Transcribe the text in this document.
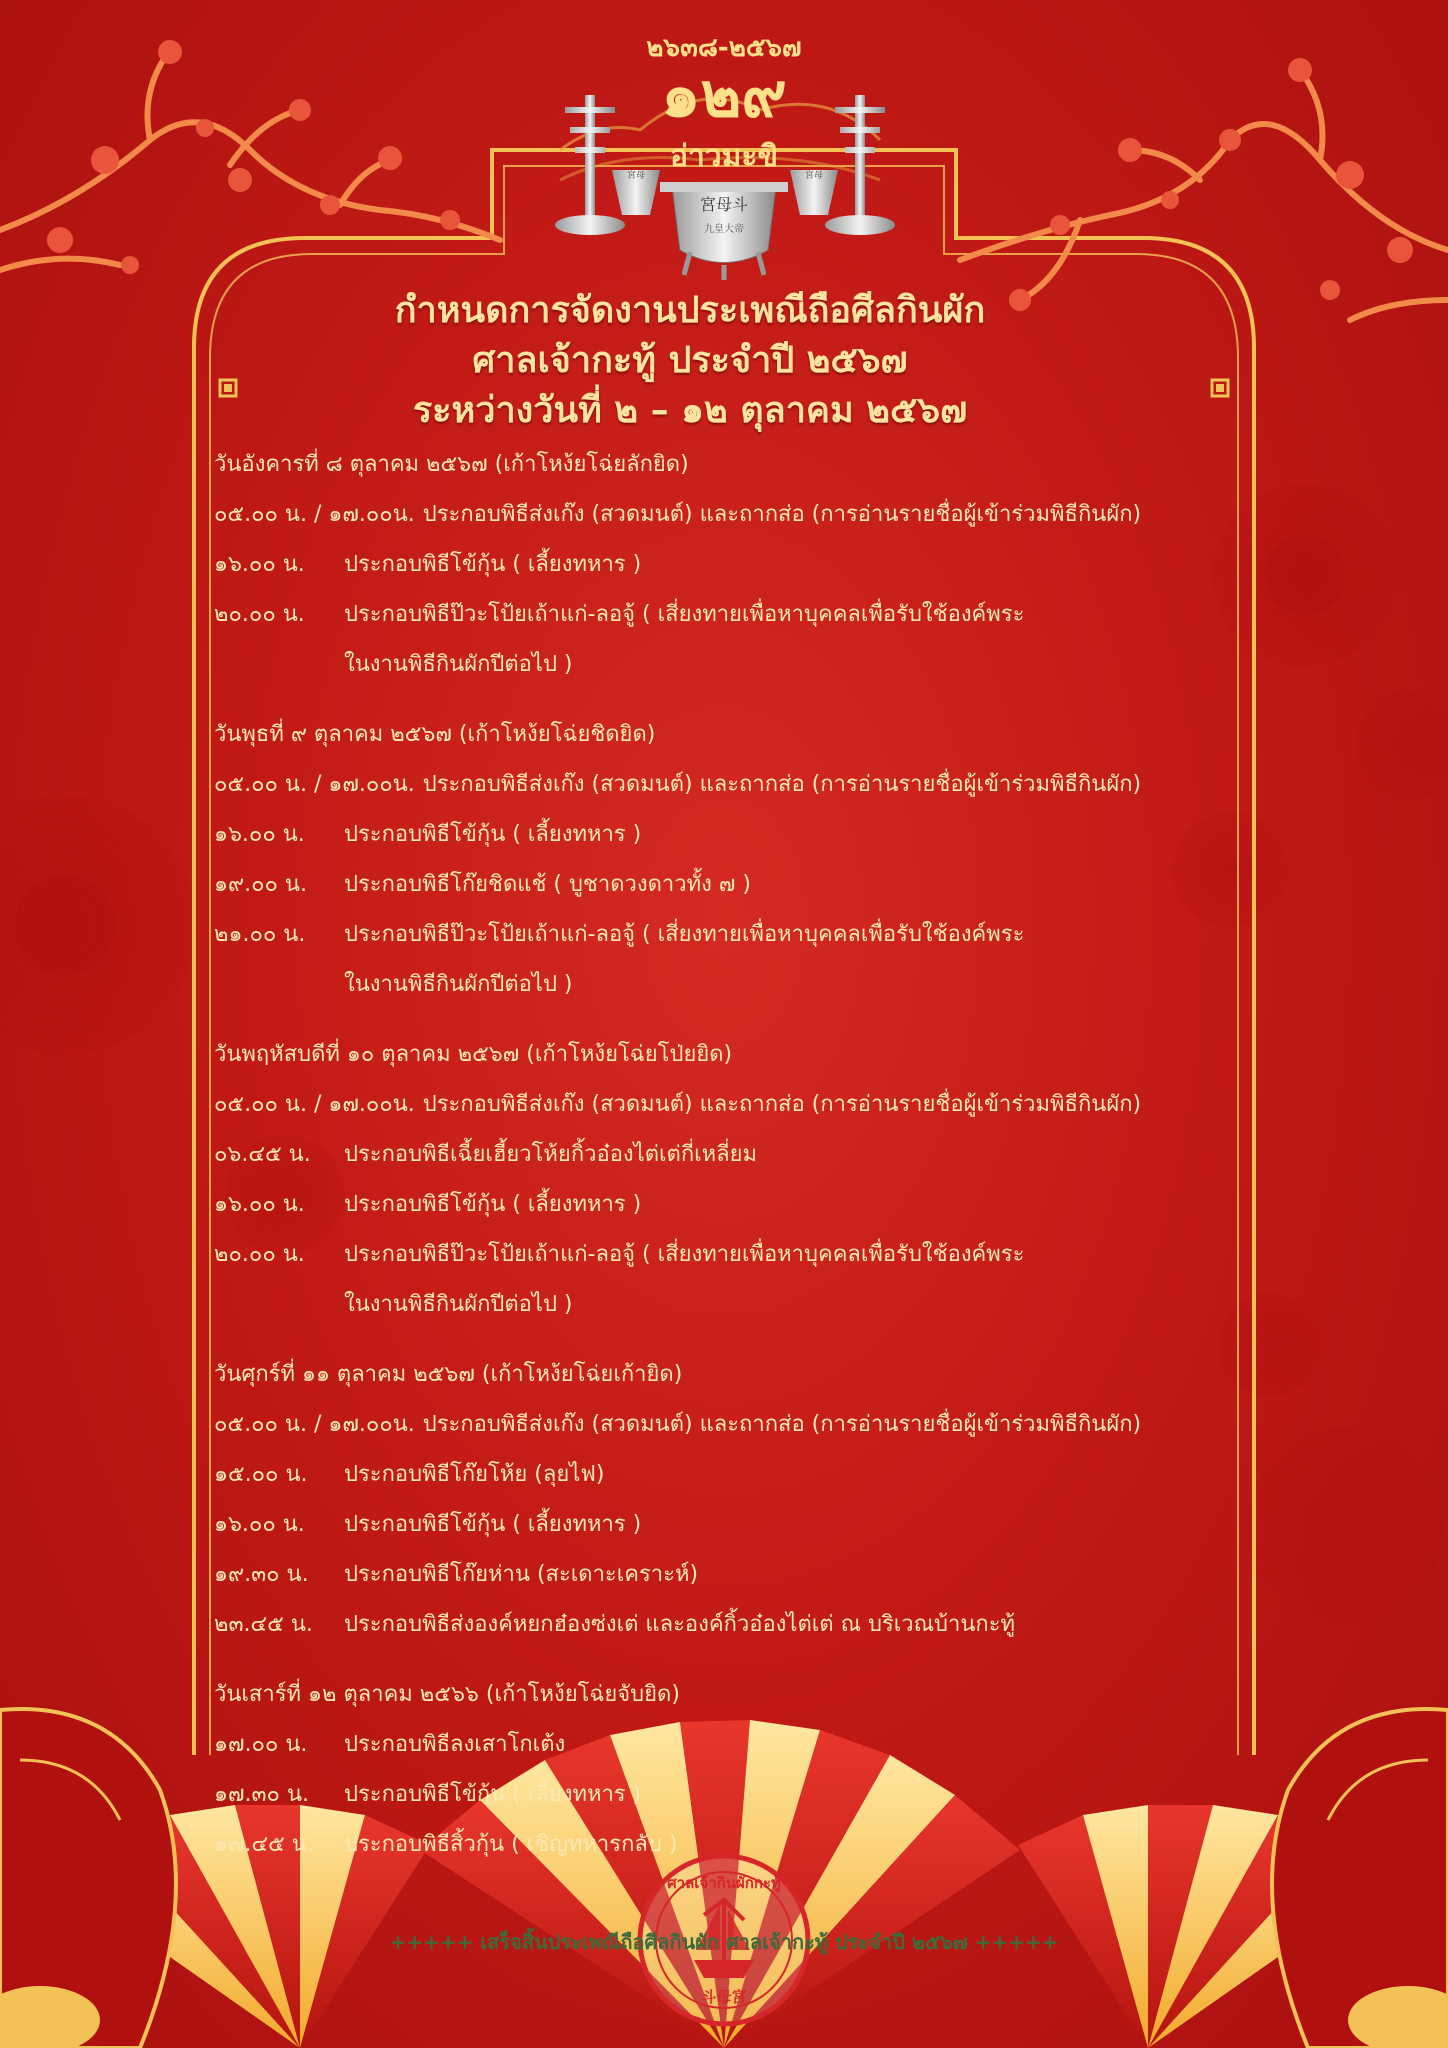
宮母斗
九皇大帝
宮母	宮母
๒๖๓๘-๒๕๖๗
๑๒๙
อ่าวมะขิ
ศาลเจ้ากินผักกะทู้
斗母宮
กำหนดการจัดงานประเพณีถือศีลกินผัก
ศาลเจ้ากะทู้ ประจำปี ๒๕๖๗
ระหว่างวันที่ ๒ – ๑๒ ตุลาคม ๒๕๖๗
วันอังคารที่ ๘ ตุลาคม ๒๕๖๗ (เก้าโหง้ยโฉ่ยลักยิด)
๐๕.๐๐ น. / ๑๗.๐๐น. ประกอบพิธีส่งเก๊ง (สวดมนต์) และถากส่อ (การอ่านรายชื่อผู้เข้าร่วมพิธีกินผัก)
๑๖.๐๐ น.	ประกอบพิธีโข้กุ้น ( เลี้ยงทหาร )
๒๐.๐๐ น.	ประกอบพิธีป๊วะโป้ยเถ้าแก่-ลอจู้ ( เสี่ยงทายเพื่อหาบุคคลเพื่อรับใช้องค์พระ
ในงานพิธีกินผักปีต่อไป )
วันพุธที่ ๙ ตุลาคม ๒๕๖๗ (เก้าโหง้ยโฉ่ยชิดยิด)
๐๕.๐๐ น. / ๑๗.๐๐น. ประกอบพิธีส่งเก๊ง (สวดมนต์) และถากส่อ (การอ่านรายชื่อผู้เข้าร่วมพิธีกินผัก)
๑๖.๐๐ น.	ประกอบพิธีโข้กุ้น ( เลี้ยงทหาร )
๑๙.๐๐ น.	ประกอบพิธีโก๊ยชิดแช้ ( บูชาดวงดาวทั้ง ๗ )
๒๑.๐๐ น.	ประกอบพิธีป๊วะโป้ยเถ้าแก่-ลอจู้ ( เสี่ยงทายเพื่อหาบุคคลเพื่อรับใช้องค์พระ
ในงานพิธีกินผักปีต่อไป )
วันพฤหัสบดีที่ ๑๐ ตุลาคม ๒๕๖๗ (เก้าโหง้ยโฉ่ยโป่ยยิด)
๐๕.๐๐ น. / ๑๗.๐๐น. ประกอบพิธีส่งเก๊ง (สวดมนต์) และถากส่อ (การอ่านรายชื่อผู้เข้าร่วมพิธีกินผัก)
๐๖.๔๕ น.	ประกอบพิธีเฉี้ยเฮี้ยวโห้ยกิ้วอ๋องไต่เต่กี่เหลี่ยม
๑๖.๐๐ น.	ประกอบพิธีโข้กุ้น ( เลี้ยงทหาร )
๒๐.๐๐ น.	ประกอบพิธีป๊วะโป้ยเถ้าแก่-ลอจู้ ( เสี่ยงทายเพื่อหาบุคคลเพื่อรับใช้องค์พระ
ในงานพิธีกินผักปีต่อไป )
วันศุกร์ที่ ๑๑ ตุลาคม ๒๕๖๗ (เก้าโหง้ยโฉ่ยเก้ายิด)
๐๕.๐๐ น. / ๑๗.๐๐น. ประกอบพิธีส่งเก๊ง (สวดมนต์) และถากส่อ (การอ่านรายชื่อผู้เข้าร่วมพิธีกินผัก)
๑๕.๐๐ น.	ประกอบพิธีโก๊ยโห้ย (ลุยไฟ)
๑๖.๐๐ น.	ประกอบพิธีโข้กุ้น ( เลี้ยงทหาร )
๑๙.๓๐ น.	ประกอบพิธีโก๊ยห่าน (สะเดาะเคราะห์)
๒๓.๔๕ น.	ประกอบพิธีส่งองค์หยกฮ๋องซ่งเต่ และองค์กิ้วอ๋องไต่เต่ ณ บริเวณบ้านกะทู้
วันเสาร์ที่ ๑๒ ตุลาคม ๒๕๖๖ (เก้าโหง้ยโฉ่ยจับยิด)
๑๗.๐๐ น.	ประกอบพิธีลงเสาโกเต้ง
๑๗.๓๐ น.	ประกอบพิธีโข้กุ้น ( เลี้ยงทหาร )
๑๗.๔๕ น.	ประกอบพิธีสิ้วกุ้น ( เชิญทหารกลับ )
+++++ เสร็จสิ้นประเพณีถือศีลกินผัก ศาลเจ้ากะทู้ ประจำปี ๒๕๖๗ +++++
